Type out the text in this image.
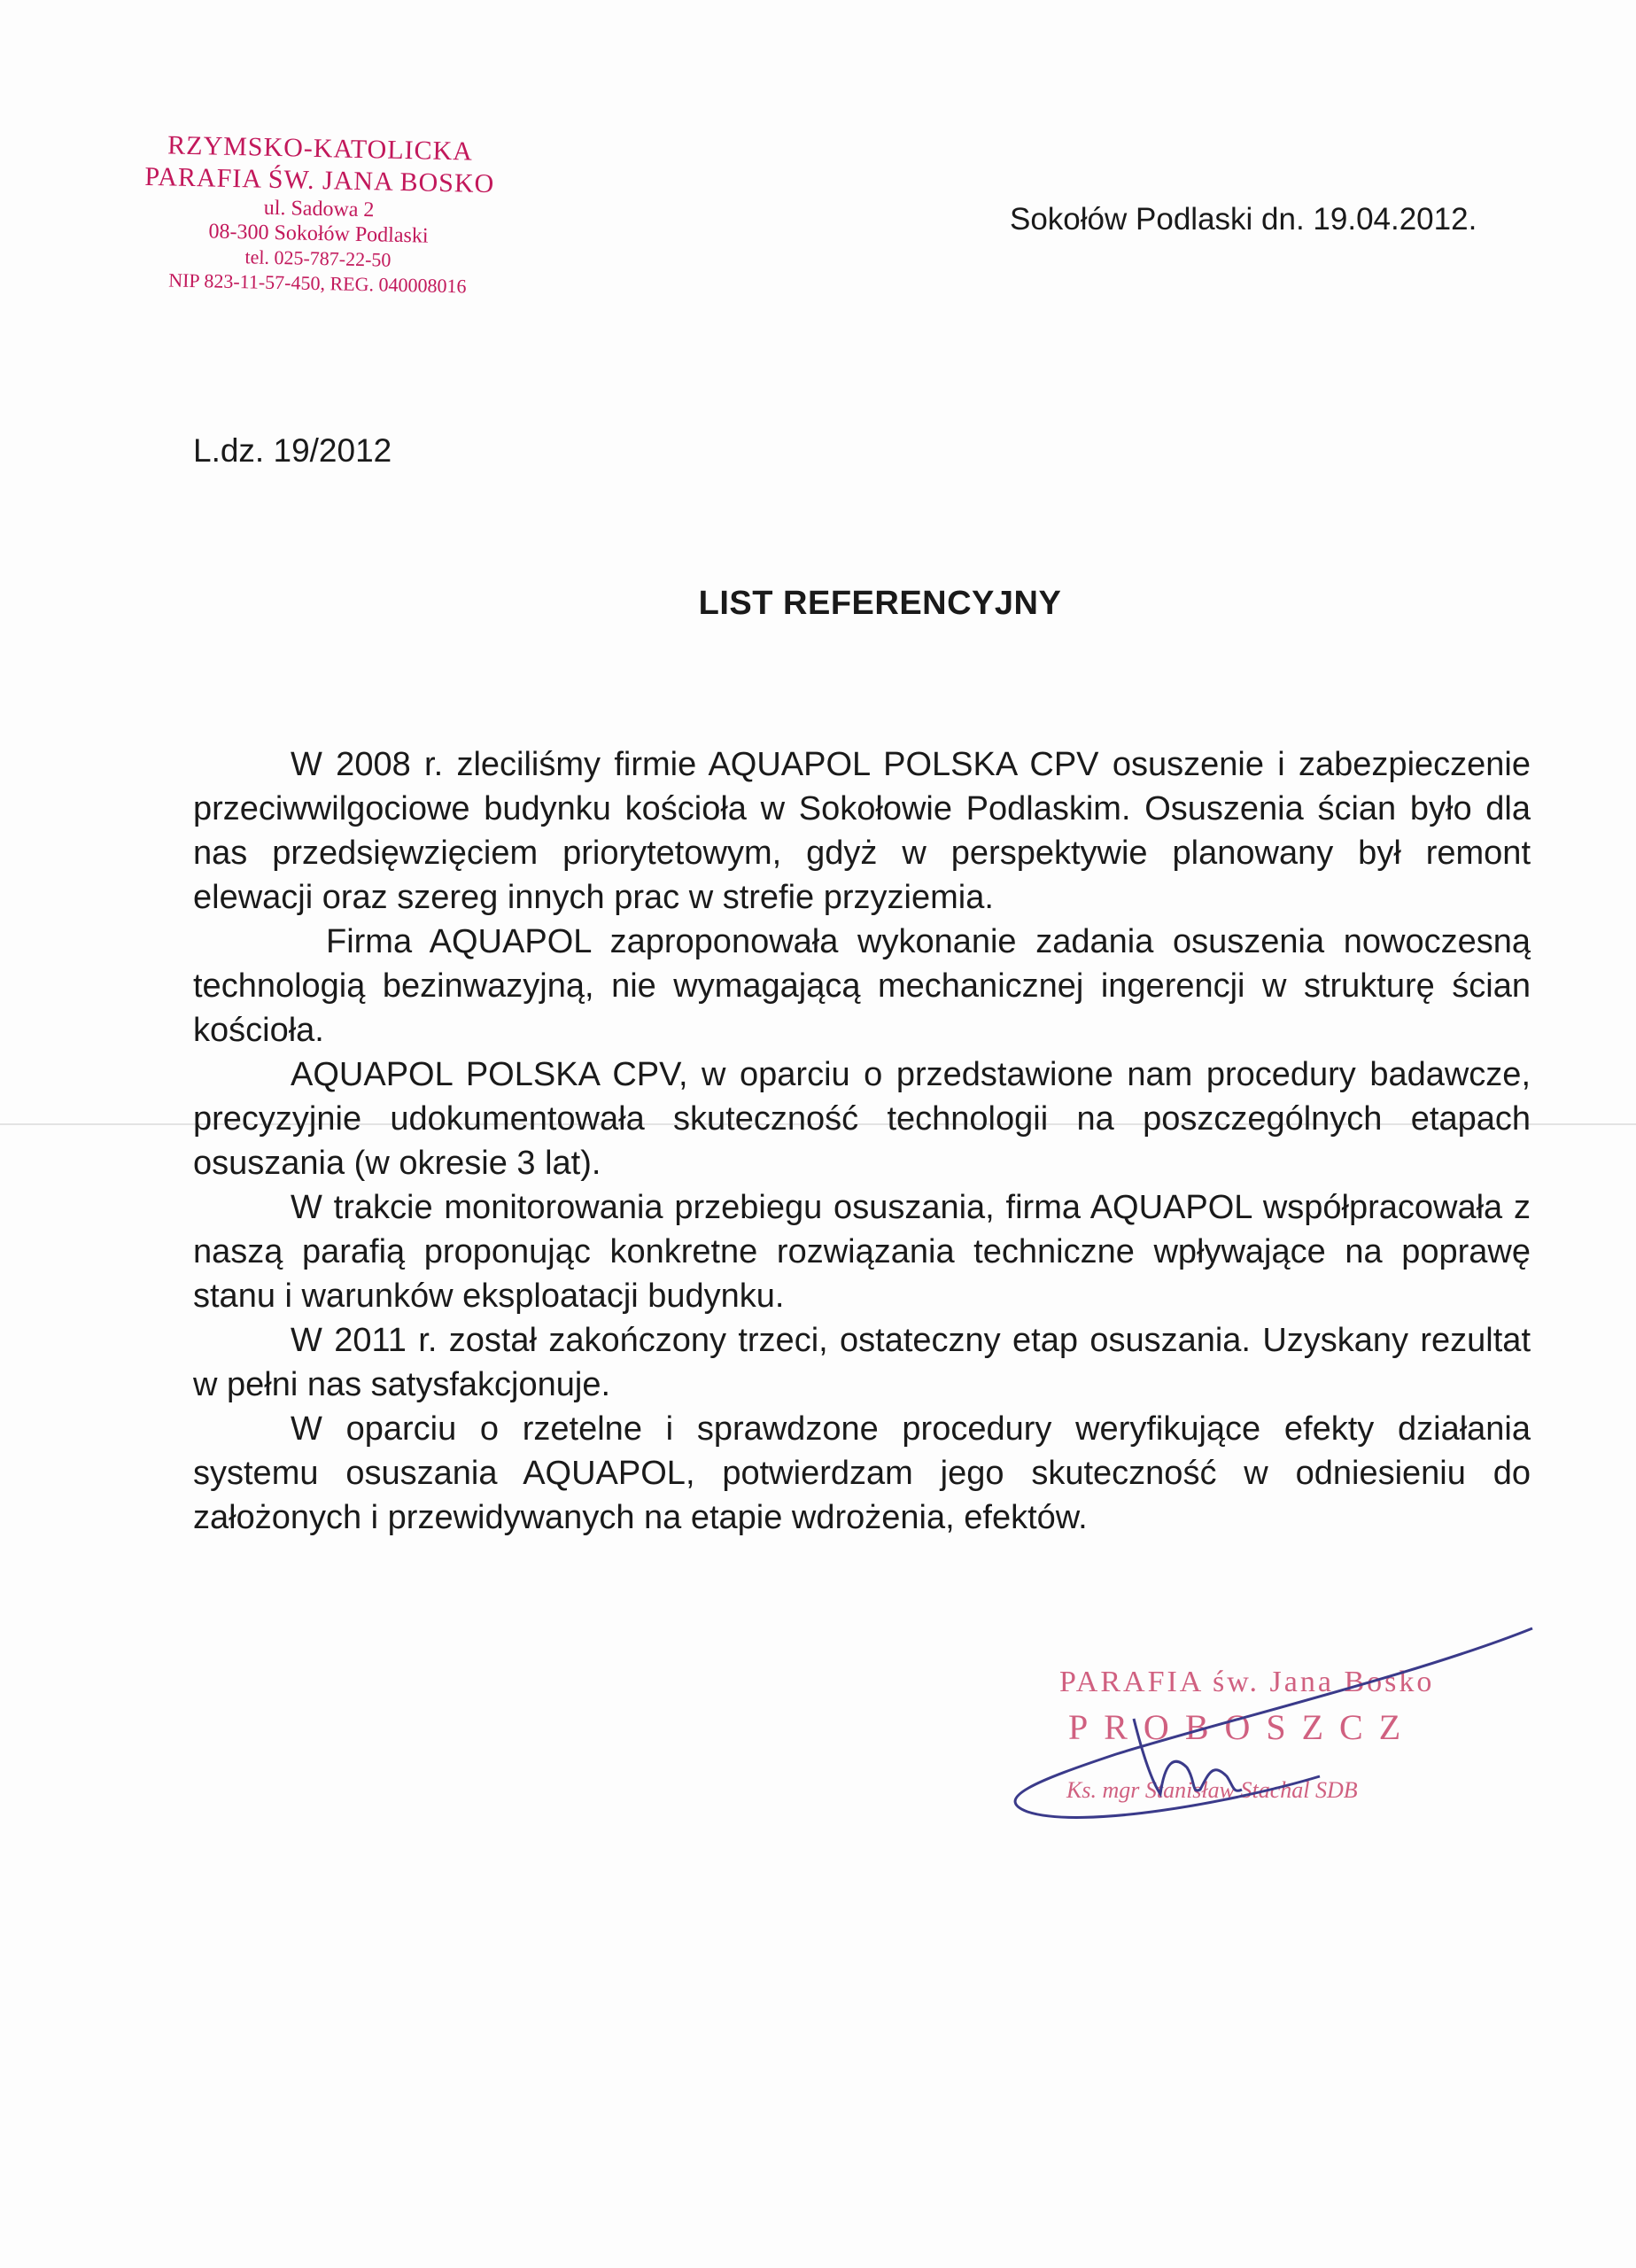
RZYMSKO-KATOLICKA
PARAFIA ŚW. JANA BOSKO
ul. Sadowa 2
08-300 Sokołów Podlaski
tel. 025-787-22-50
NIP 823-11-57-450, REG. 040008016
Sokołów Podlaski dn. 19.04.2012.
L.dz. 19/2012
LIST REFERENCYJNY

W 2008 r. zleciliśmy firmie AQUAPOL POLSKA CPV osuszenie i zabezpieczenie przeciwwilgociowe budynku kościoła w Sokołowie Podlaskim. Osuszenia ścian było dla nas przedsięwzięciem priorytetowym, gdyż w perspektywie planowany był remont elewacji oraz szereg innych prac w strefie przyziemia.

Firma AQUAPOL zaproponowała wykonanie zadania osuszenia nowoczesną technologią bezinwazyjną, nie wymagającą mechanicznej ingerencji w strukturę ścian kościoła.

AQUAPOL POLSKA CPV, w oparciu o przedstawione nam procedury badawcze, precyzyjnie udokumentowała skuteczność technologii na poszczególnych etapach osuszania (w okresie 3 lat).

W trakcie monitorowania przebiegu osuszania, firma AQUAPOL współpracowała z naszą parafią proponując konkretne rozwiązania techniczne wpływające na poprawę stanu i warunków eksploatacji budynku.

W 2011 r. został zakończony trzeci, ostateczny etap osuszania. Uzyskany rezultat w pełni nas satysfakcjonuje.

W oparciu o rzetelne i sprawdzone procedury weryfikujące efekty działania systemu osuszania AQUAPOL, potwierdzam jego skuteczność w odniesieniu do założonych i przewidywanych na etapie wdrożenia, efektów.

PARAFIA św. Jana Bosko
PROBOSZCZ
Ks. mgr Stanisław Stachal SDB
